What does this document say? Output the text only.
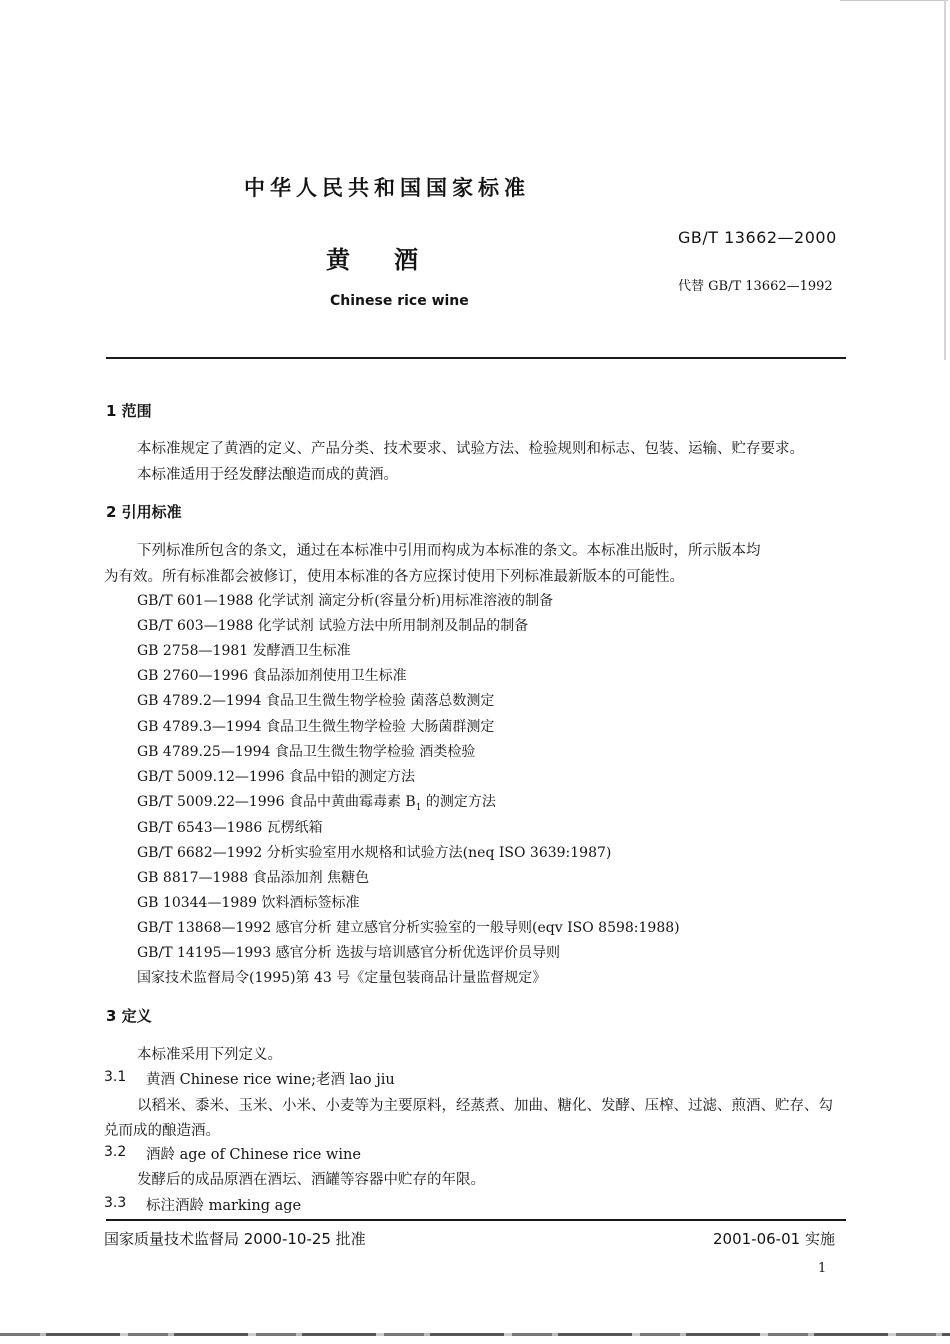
中华人民共和国国家标准
GB/T 13662—2000
黄酒
代替 GB/T 13662—1992
Chinese rice wine
1 范围
本标准规定了黄酒的定义、产品分类、技术要求、试验方法、检验规则和标志、包装、运输、贮存要求。
本标准适用于经发酵法酿造而成的黄酒。
2 引用标准
下列标准所包含的条文，通过在本标准中引用而构成为本标准的条文。本标准出版时，所示版本均
为有效。所有标准都会被修订，使用本标准的各方应探讨使用下列标准最新版本的可能性。
GB/T 601—1988 化学试剂 滴定分析(容量分析)用标准溶液的制备
GB/T 603—1988 化学试剂 试验方法中所用制剂及制品的制备
GB 2758—1981 发酵酒卫生标准
GB 2760—1996 食品添加剂使用卫生标准
GB 4789.2—1994 食品卫生微生物学检验 菌落总数测定
GB 4789.3—1994 食品卫生微生物学检验 大肠菌群测定
GB 4789.25—1994 食品卫生微生物学检验 酒类检验
GB/T 5009.12—1996 食品中铅的测定方法
GB/T 5009.22—1996 食品中黄曲霉毒素 $B_1$ 的测定方法
GB/T 6543—1986 瓦楞纸箱
GB/T 6682—1992 分析实验室用水规格和试验方法(neq ISO 3639:1987)
GB 8817—1988 食品添加剂 焦糖色
GB 10344—1989 饮料酒标签标准
GB/T 13868—1992 感官分析 建立感官分析实验室的一般导则(eqv ISO 8598:1988)
GB/T 14195—1993 感官分析 选拔与培训感官分析优选评价员导则
国家技术监督局令(1995)第 43 号《定量包装商品计量监督规定》
3 定义
本标准采用下列定义。
3.1 黄酒 Chinese rice wine;老酒 lao jiu
以稻米、黍米、玉米、小米、小麦等为主要原料，经蒸煮、加曲、糖化、发酵、压榨、过滤、煎酒、贮存、勾
兑而成的酿造酒。
3.2 酒龄 age of Chinese rice wine
发酵后的成品原酒在酒坛、酒罐等容器中贮存的年限。
3.3 标注酒龄 marking age
国家质量技术监督局 2000-10-25 批准	2001-06-01 实施
1
